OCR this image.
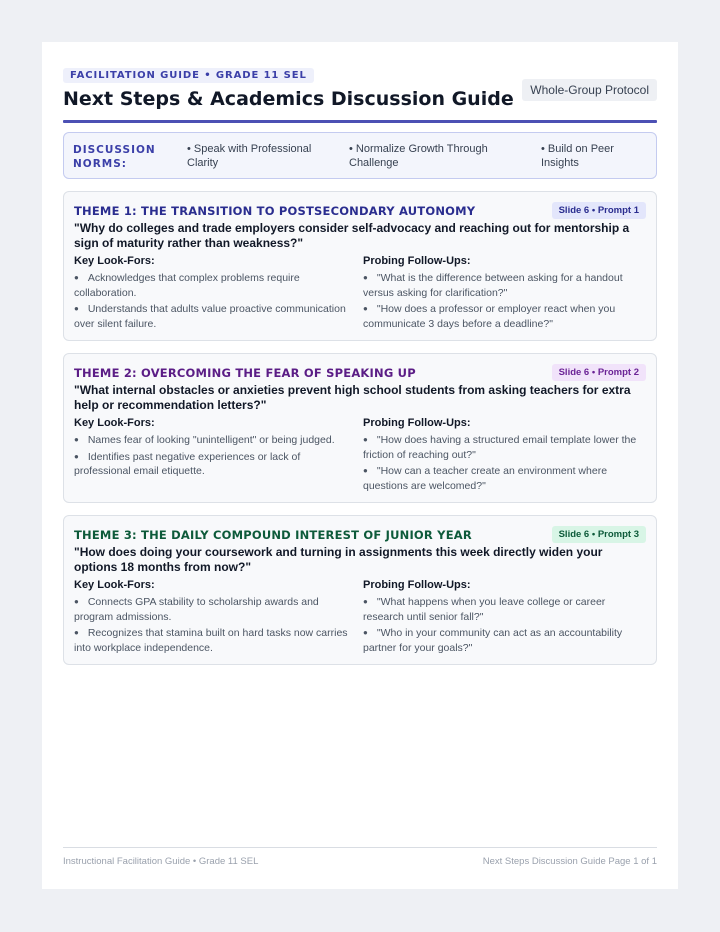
FACILITATION GUIDE • GRADE 11 SEL
Next Steps & Academics Discussion Guide	Whole-Group Protocol
DISCUSSION NORMS:
• Speak with Professional Clarity
• Normalize Growth Through Challenge
• Build on Peer Insights
THEME 1: THE TRANSITION TO POSTSECONDARY AUTONOMY	Slide 6 • Prompt 1
"Why do colleges and trade employers consider self-advocacy and reaching out for mentorship a sign of maturity rather than weakness?"
Key Look-Fors:
● Acknowledges that complex problems require collaboration.
● Understands that adults value proactive communication over silent failure.
Probing Follow-Ups:
● "What is the difference between asking for a handout versus asking for clarification?"
● "How does a professor or employer react when you communicate 3 days before a deadline?"
THEME 2: OVERCOMING THE FEAR OF SPEAKING UP	Slide 6 • Prompt 2
"What internal obstacles or anxieties prevent high school students from asking teachers for extra help or recommendation letters?"
Key Look-Fors:
● Names fear of looking "unintelligent" or being judged.
● Identifies past negative experiences or lack of professional email etiquette.
Probing Follow-Ups:
● "How does having a structured email template lower the friction of reaching out?"
● "How can a teacher create an environment where questions are welcomed?"
THEME 3: THE DAILY COMPOUND INTEREST OF JUNIOR YEAR	Slide 6 • Prompt 3
"How does doing your coursework and turning in assignments this week directly widen your options 18 months from now?"
Key Look-Fors:
● Connects GPA stability to scholarship awards and program admissions.
● Recognizes that stamina built on hard tasks now carries into workplace independence.
Probing Follow-Ups:
● "What happens when you leave college or career research until senior fall?"
● "Who in your community can act as an accountability partner for your goals?"
Instructional Facilitation Guide • Grade 11 SEL	Next Steps Discussion Guide Page 1 of 1
